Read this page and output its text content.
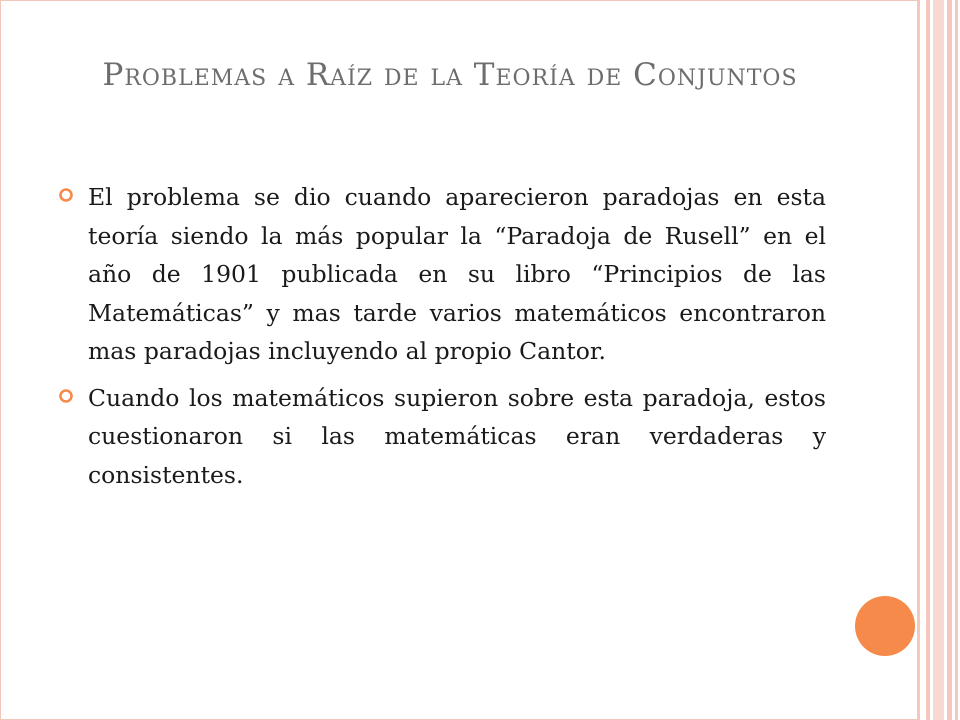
Problemas a Raíz de la Teoría de Conjuntos
El problema se dio cuando aparecieron paradojas en esta teoría siendo la más popular la “Paradoja de Rusell” en el año de 1901 publicada en su libro “Principios de las Matemáticas” y mas tarde varios matemáticos encontraron mas paradojas incluyendo al propio Cantor.
Cuando los matemáticos supieron sobre esta paradoja, estos cuestionaron si las matemáticas eran verdaderas y consistentes.
